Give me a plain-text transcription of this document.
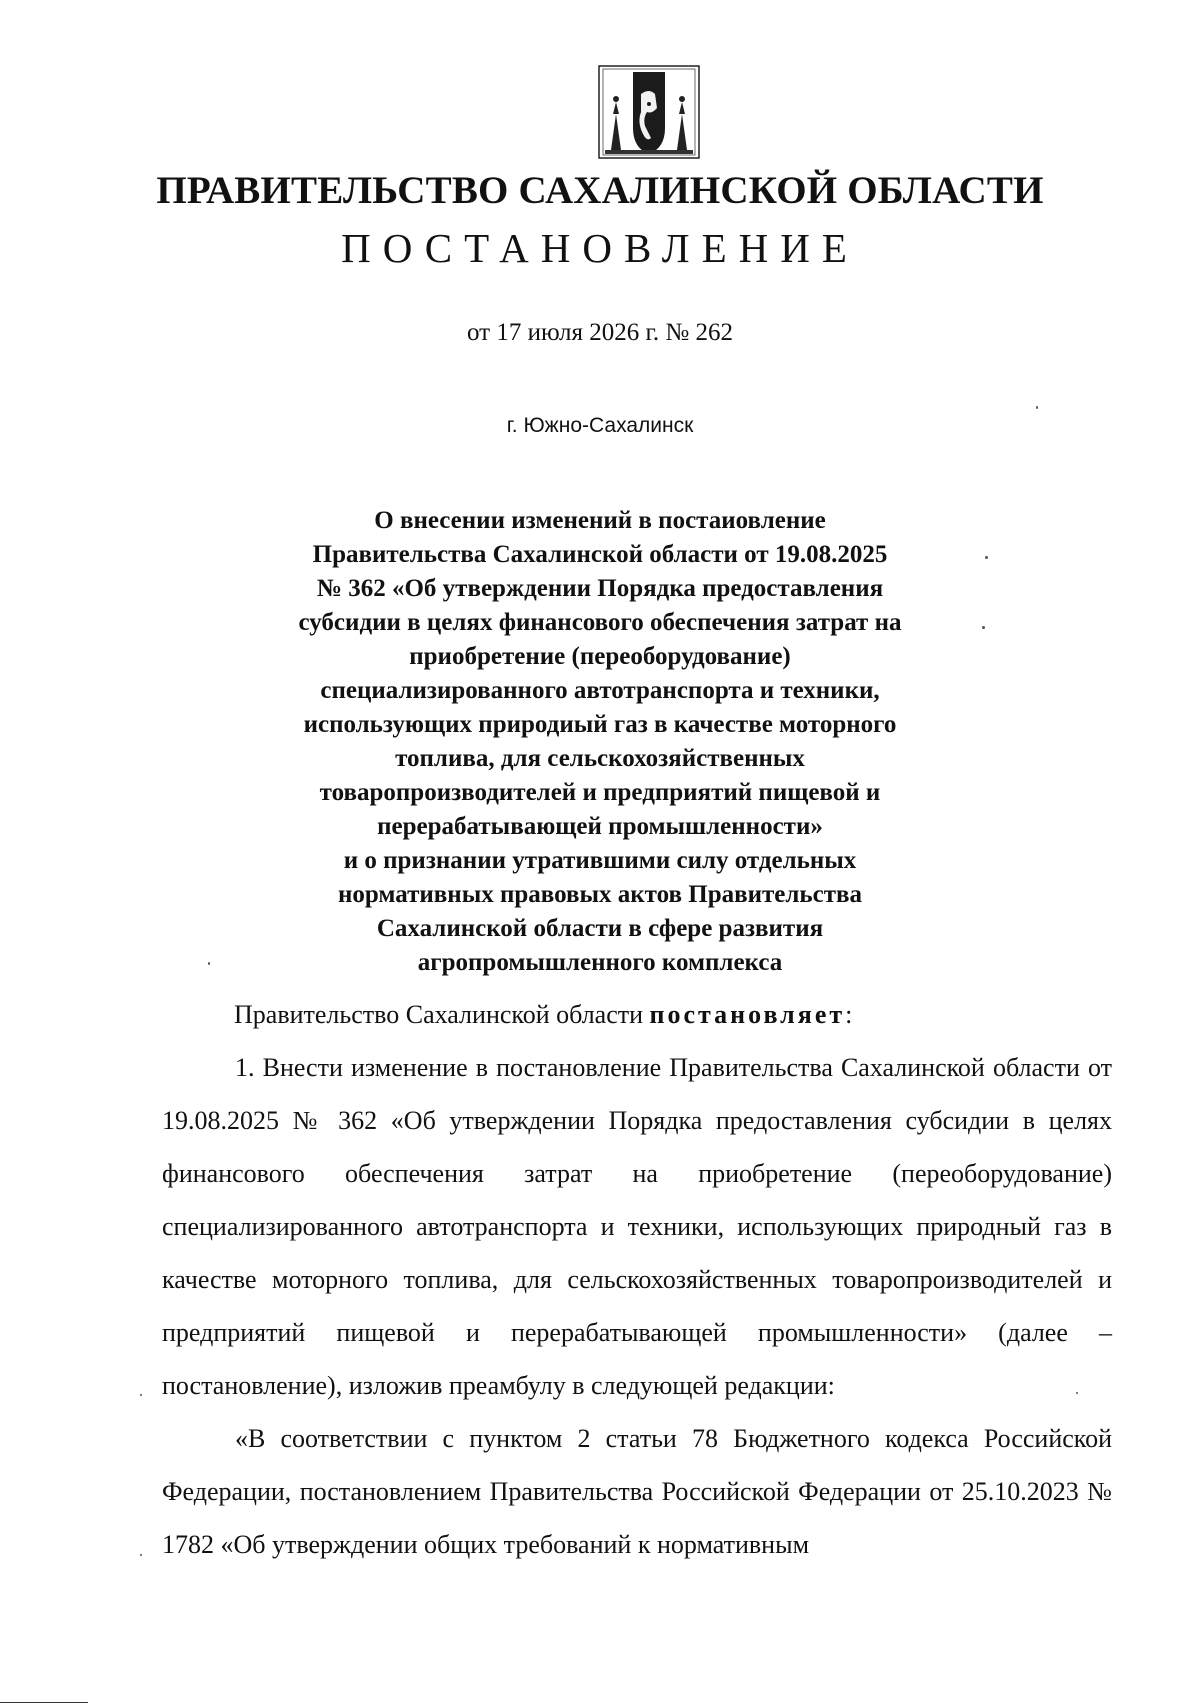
ПРАВИТЕЛЬСТВО САХАЛИНСКОЙ ОБЛАСТИ
ПОСТАНОВЛЕНИЕ
от 17 июля 2026 г. № 262
г. Южно-Сахалинск
О внесении изменений в постаиовление
Правительства Сахалинской области от 19.08.2025
№ 362 «Об утверждении Порядка предоставления
субсидии в целях финансового обеспечения затрат на
приобретение (переоборудование)
специализированного автотранспорта и техники,
использующих природиый газ в качестве моторного
топлива, для сельскохозяйственных
товаропроизводителей и предприятий пищевой и
перерабатывающей промышленности»
и о признании утратившими силу отдельных
нормативных правовых актов Правительства
Сахалинской области в сфере развития
агропромышленного комплекса

Правительство Сахалинской области постановляет:

1. Внести изменение в постановление Правительства Сахалинской области от 19.08.2025 № 362 «Об утверждении Порядка предоставления субсидии в целях финансового обеспечения затрат на приобретение (переоборудование) специализированного автотранспорта и техники, использующих природный газ в качестве моторного топлива, для сельскохозяйственных товаропроизводителей и предприятий пищевой и перерабатывающей промышленности» (далее – постановление), изложив преамбулу в следующей редакции:

«В соответствии с пунктом 2 статьи 78 Бюджетного кодекса Российской Федерации, постановлением Правительства Российской Федерации от 25.10.2023 № 1782 «Об утверждении общих требований к нормативным
